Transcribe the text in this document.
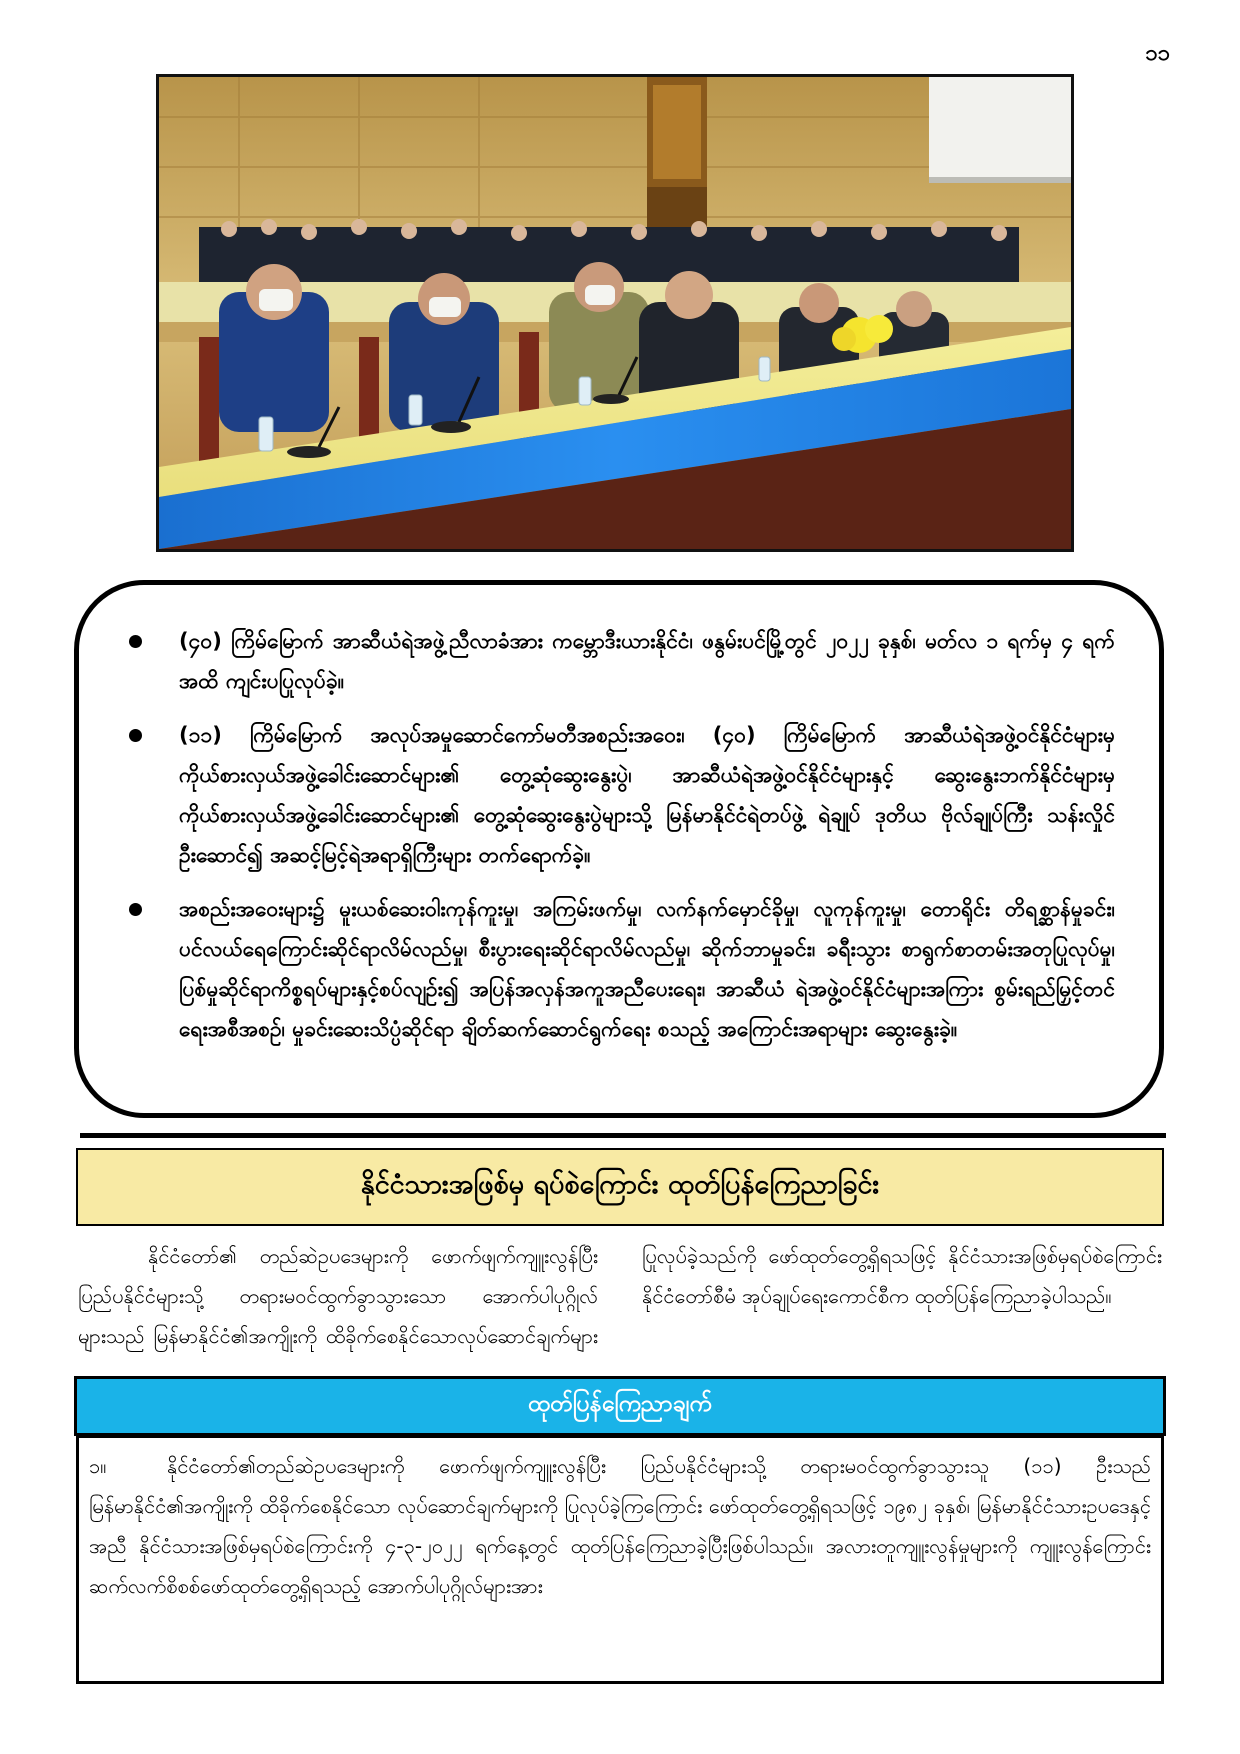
၁၁
(၄၀) ကြိမ်မြောက် အာဆီယံရဲအဖွဲ့ညီလာခံအား ကမ္ဘောဒီးယားနိုင်ငံ၊ ဖနွမ်းပင်မြို့တွင် ၂၀၂၂ ခုနှစ်၊ မတ်လ ၁ ရက်မှ ၄ ရက်အထိ ကျင်းပပြုလုပ်ခဲ့။
(၁၁) ကြိမ်မြောက် အလုပ်အမှုဆောင်ကော်မတီအစည်းအဝေး၊ (၄၀) ကြိမ်မြောက် အာဆီယံရဲအဖွဲ့ဝင်နိုင်ငံများမှ ကိုယ်စားလှယ်အဖွဲ့ခေါင်းဆောင်များ၏ တွေ့ဆုံဆွေးနွေးပွဲ၊ အာဆီယံရဲအဖွဲ့ဝင်နိုင်ငံများနှင့် ဆွေးနွေးဘက်နိုင်ငံများမှ ကိုယ်စားလှယ်အဖွဲ့ခေါင်းဆောင်များ၏ တွေ့ဆုံဆွေးနွေးပွဲများသို့ မြန်မာနိုင်ငံရဲတပ်ဖွဲ့ ရဲချုပ် ဒုတိယ ဗိုလ်ချုပ်ကြီး သန်းလှိုင် ဦးဆောင်၍ အဆင့်မြင့်ရဲအရာရှိကြီးများ တက်ရောက်ခဲ့။
အစည်းအဝေးများ၌ မူးယစ်ဆေးဝါးကုန်ကူးမှု၊ အကြမ်းဖက်မှု၊ လက်နက်မှောင်ခိုမှု၊ လူကုန်ကူးမှု၊ တောရိုင်း တိရစ္ဆာန်မှုခင်း၊ ပင်လယ်ရေကြောင်းဆိုင်ရာလိမ်လည်မှု၊ စီးပွားရေးဆိုင်ရာလိမ်လည်မှု၊ ဆိုက်ဘာမှုခင်း၊ ခရီးသွား စာရွက်စာတမ်းအတုပြုလုပ်မှု၊ ပြစ်မှုဆိုင်ရာကိစ္စရပ်များနှင့်စပ်လျဉ်း၍ အပြန်အလှန်အကူအညီပေးရေး၊ အာဆီယံ ရဲအဖွဲ့ဝင်နိုင်ငံများအကြား စွမ်းရည်မြှင့်တင်ရေးအစီအစဉ်၊ မှုခင်းဆေးသိပ္ပံဆိုင်ရာ ချိတ်ဆက်ဆောင်ရွက်ရေး စသည့် အကြောင်းအရာများ ဆွေးနွေးခဲ့။
နိုင်ငံသားအဖြစ်မှ ရပ်စဲကြောင်း ထုတ်ပြန်ကြေညာခြင်း

နိုင်ငံတော်၏ တည်ဆဲဥပဒေများကို ဖောက်ဖျက်ကျူးလွန်ပြီး ပြည်ပနိုင်ငံများသို့ တရားမဝင်ထွက်ခွာသွားသော အောက်ပါပုဂ္ဂိုလ်များသည် မြန်မာနိုင်ငံ၏အကျိုးကို ထိခိုက်စေနိုင်သောလုပ်ဆောင်ချက်များ ပြုလုပ်ခဲ့သည်ကို ဖော်ထုတ်တွေ့ရှိရသဖြင့် နိုင်ငံသားအဖြစ်မှရပ်စဲကြောင်း နိုင်ငံတော်စီမံ အုပ်ချုပ်ရေးကောင်စီက ထုတ်ပြန်ကြေညာခဲ့ပါသည်။

ထုတ်ပြန်ကြေညာချက်
၁။	နိုင်ငံတော်၏တည်ဆဲဥပဒေများကို ဖောက်ဖျက်ကျူးလွန်ပြီး ပြည်ပနိုင်ငံများသို့ တရားမဝင်ထွက်ခွာသွားသူ (၁၁) ဦးသည် မြန်မာနိုင်ငံ၏အကျိုးကို ထိခိုက်စေနိုင်သော လုပ်ဆောင်ချက်များကို ပြုလုပ်ခဲ့ကြကြောင်း ဖော်ထုတ်တွေ့ရှိရသဖြင့် ၁၉၈၂ ခုနှစ်၊ မြန်မာနိုင်ငံသားဥပဒေနှင့်အညီ နိုင်ငံသားအဖြစ်မှရပ်စဲကြောင်းကို ၄-၃-၂၀၂၂ ရက်နေ့တွင် ထုတ်ပြန်ကြေညာခဲ့ပြီးဖြစ်ပါသည်။ အလားတူကျူးလွန်မှုများကို ကျူးလွန်ကြောင်း ဆက်လက်စိစစ်ဖော်ထုတ်တွေ့ရှိရသည့် အောက်ပါပုဂ္ဂိုလ်များအား
